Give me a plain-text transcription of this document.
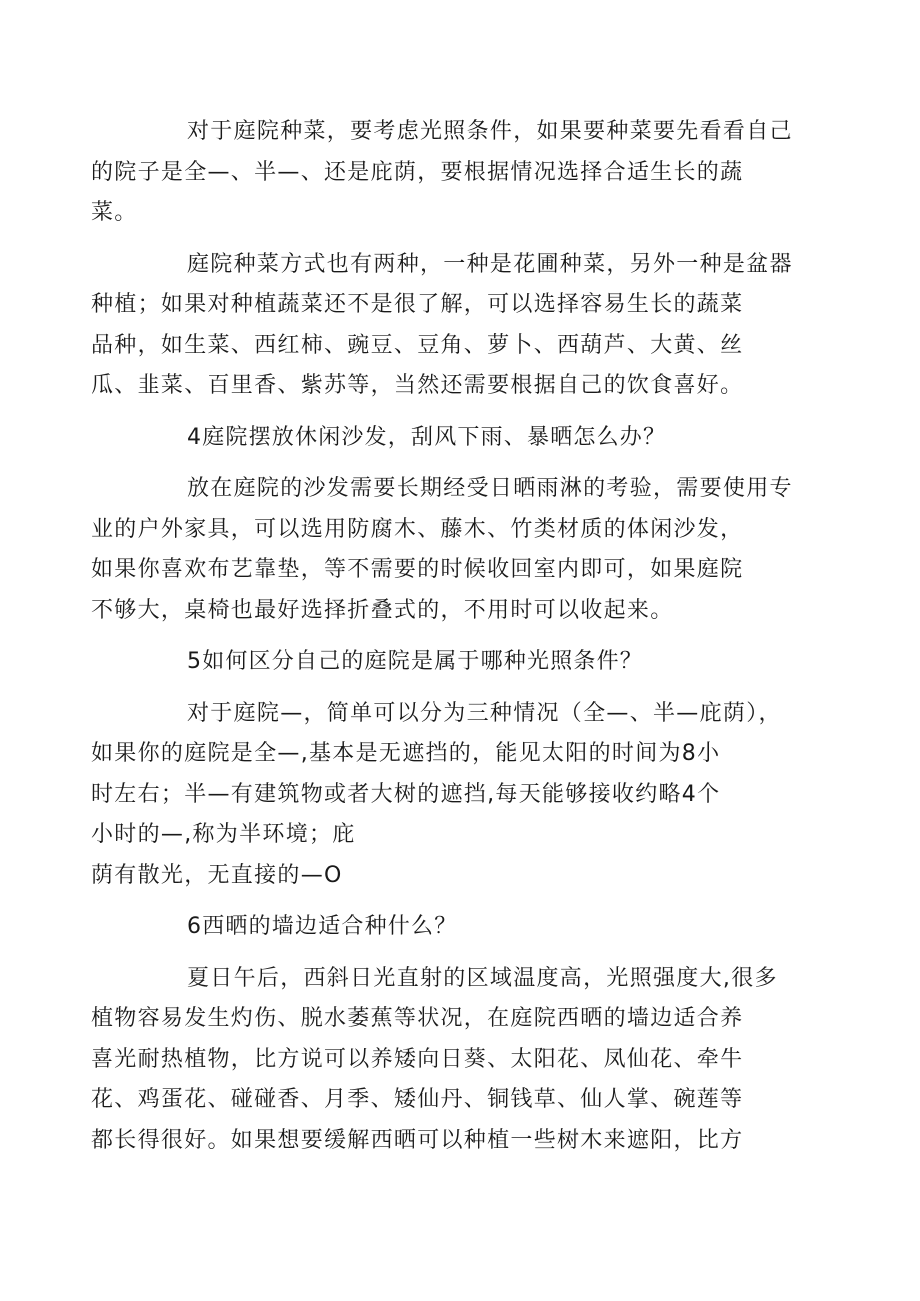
对于庭院种菜，要考虑光照条件，如果要种菜要先看看自己
的院子是全—、半—、还是庇荫，要根据情况选择合适生长的蔬
菜。

庭院种菜方式也有两种，一种是花圃种菜，另外一种是盆器
种植；如果对种植蔬菜还不是很了解，可以选择容易生长的蔬菜
品种，如生菜、西红柿、豌豆、豆角、萝卜、西葫芦、大黄、丝
瓜、韭菜、百里香、紫苏等，当然还需要根据自己的饮食喜好。

4庭院摆放休闲沙发，刮风下雨、暴晒怎么办？

放在庭院的沙发需要长期经受日晒雨淋的考验，需要使用专
业的户外家具，可以选用防腐木、藤木、竹类材质的体闲沙发，
如果你喜欢布艺靠垫，等不需要的时候收回室内即可，如果庭院
不够大，桌椅也最好选择折叠式的，不用时可以收起来。

5如何区分自己的庭院是属于哪种光照条件？

对于庭院—，简单可以分为三种情况（全—、半—庇荫），
如果你的庭院是全—,基本是无遮挡的，能见太阳的时间为8小
时左右；半—有建筑物或者大树的遮挡,每天能够接收约略4个
小时的—,称为半环境；庇
荫有散光，无直接的—O

6西晒的墙边适合种什么？

夏日午后，西斜日光直射的区域温度高，光照强度大,很多
植物容易发生灼伤、脱水萎蕉等状况，在庭院西晒的墙边适合养
喜光耐热植物，比方说可以养矮向日葵、太阳花、凤仙花、牵牛
花、鸡蛋花、碰碰香、月季、矮仙丹、铜钱草、仙人掌、碗莲等
都长得很好。如果想要缓解西晒可以种植一些树木来遮阳，比方
